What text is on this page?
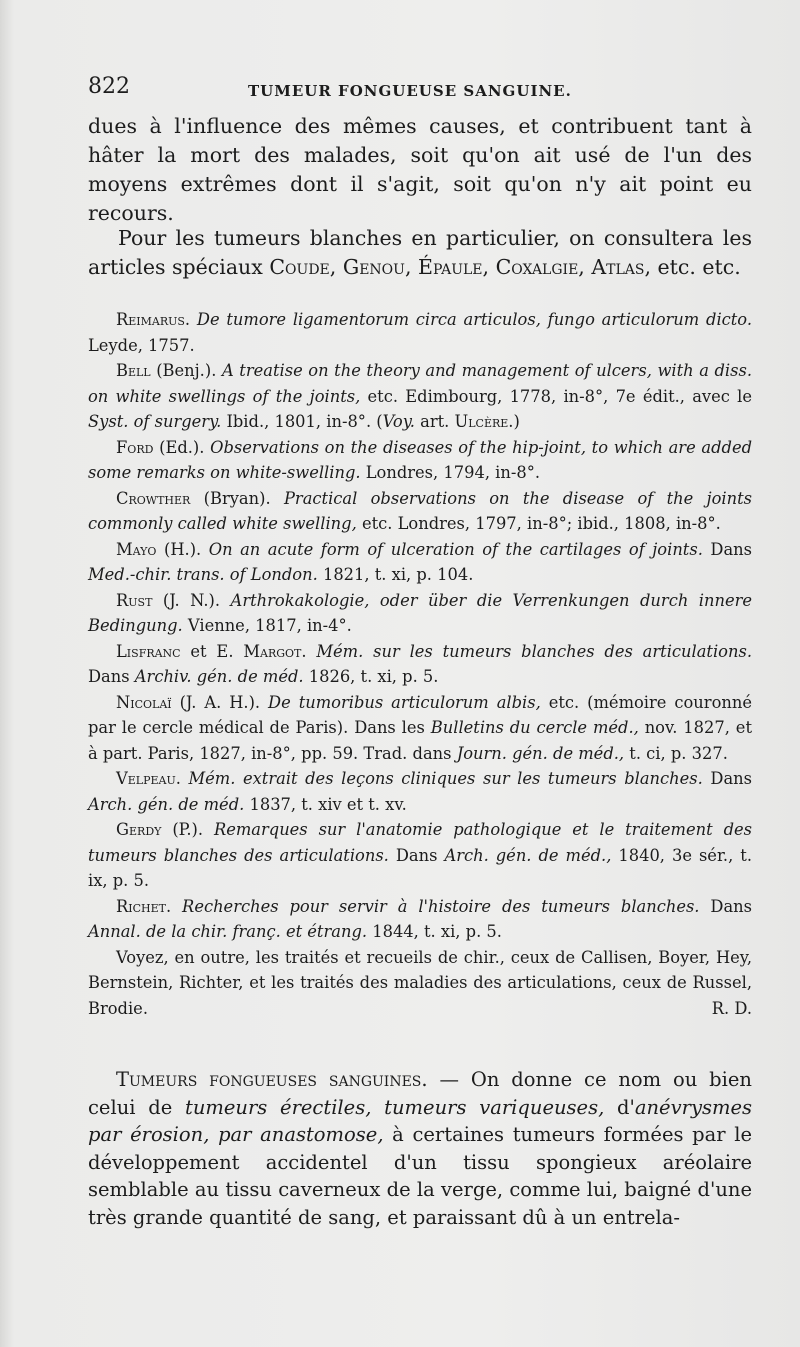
822	TUMEUR FONGUEUSE SANGUINE.

dues à l'influence des mêmes causes, et contribuent tant à hâter la mort des malades, soit qu'on ait usé de l'un des moyens extrêmes dont il s'agit, soit qu'on n'y ait point eu recours.

Pour les tumeurs blanches en particulier, on consultera les articles spéciaux Coude, Genou, Épaule, Coxalgie, Atlas, etc. etc.

Reimarus. De tumore ligamentorum circa articulos, fungo articulorum dicto. Leyde, 1757.

Bell (Benj.). A treatise on the theory and management of ulcers, with a diss. on white swellings of the joints, etc. Edimbourg, 1778, in-8°, 7e édit., avec le Syst. of surgery. Ibid., 1801, in-8°. (Voy. art. Ulcère.)

Ford (Ed.). Observations on the diseases of the hip-joint, to which are added some remarks on white-swelling. Londres, 1794, in-8°.

Crowther (Bryan). Practical observations on the disease of the joints commonly called white swelling, etc. Londres, 1797, in-8°; ibid., 1808, in-8°.

Mayo (H.). On an acute form of ulceration of the cartilages of joints. Dans Med.-chir. trans. of London. 1821, t. xi, p. 104.

Rust (J. N.). Arthrokakologie, oder über die Verrenkungen durch innere Bedingung. Vienne, 1817, in-4°.

Lisfranc et E. Margot. Mém. sur les tumeurs blanches des articulations. Dans Archiv. gén. de méd. 1826, t. xi, p. 5.

Nicolaï (J. A. H.). De tumoribus articulorum albis, etc. (mémoire couronné par le cercle médical de Paris). Dans les Bulletins du cercle méd., nov. 1827, et à part. Paris, 1827, in-8°, pp. 59. Trad. dans Journ. gén. de méd., t. ci, p. 327.

Velpeau. Mém. extrait des leçons cliniques sur les tumeurs blanches. Dans Arch. gén. de méd. 1837, t. xiv et t. xv.

Gerdy (P.). Remarques sur l'anatomie pathologique et le traitement des tumeurs blanches des articulations. Dans Arch. gén. de méd., 1840, 3e sér., t. ix, p. 5.

Richet. Recherches pour servir à l'histoire des tumeurs blanches. Dans Annal. de la chir. franç. et étrang. 1844, t. xi, p. 5.

Voyez, en outre, les traités et recueils de chir., ceux de Callisen, Boyer, Hey, Bernstein, Richter, et les traités des maladies des articulations, ceux de Russel, Brodie.	R. D.

Tumeurs fongueuses sanguines. — On donne ce nom ou bien celui de tumeurs érectiles, tumeurs variqueuses, d'anévrysmes par érosion, par anastomose, à certaines tumeurs formées par le développement accidentel d'un tissu spongieux aréolaire semblable au tissu caverneux de la verge, comme lui, baigné d'une très grande quantité de sang, et paraissant dû à un entrela-
